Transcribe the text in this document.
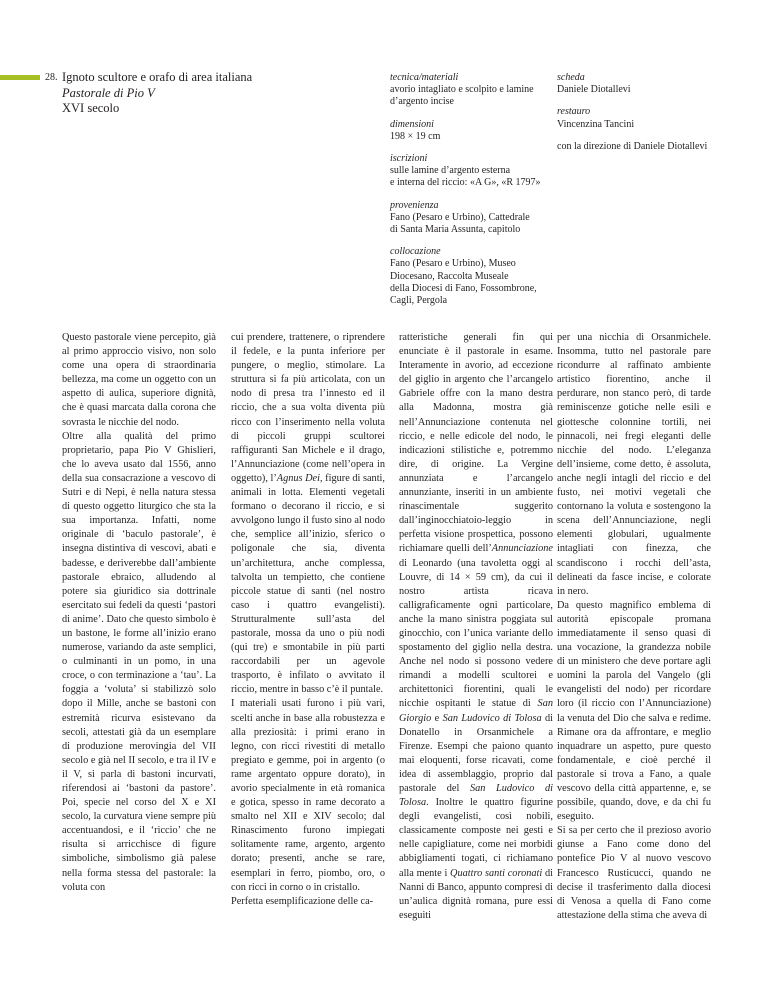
28. Ignoto scultore e orafo di area italiana
Pastorale di Pio V
XVI secolo
tecnica/materiali
avorio intagliato e scolpito e lamine
d’argento incise
dimensioni
198 × 19 cm
iscrizioni
sulle lamine d’argento esterna
e interna del riccio: «A G», «R 1797»
provenienza
Fano (Pesaro e Urbino), Cattedrale
di Santa Maria Assunta, capitolo
collocazione
Fano (Pesaro e Urbino), Museo
Diocesano, Raccolta Museale
della Diocesi di Fano, Fossombrone,
Cagli, Pergola
scheda
Daniele Diotallevi
restauro
Vincenzina Tancini
con la direzione di Daniele Diotallevi

Questo pastorale viene percepito, già al primo approccio visivo, non solo come una opera di straordinaria bellezza, ma come un oggetto con un aspetto di aulica, superiore dignità, che è quasi marcata dalla corona che sovrasta le nicchie del nodo.

Oltre alla qualità del primo proprietario, papa Pio V Ghislieri, che lo aveva usato dal 1556, anno della sua consacrazione a vescovo di Sutri e di Nepi, è nella natura stessa di questo oggetto liturgico che sta la sua importanza. Infatti, nome originale di ‘baculo pastorale’, è insegna distintiva di vescovi, abati e badesse, e deriverebbe dall’ambiente pastorale ebraico, alludendo al potere sia giuridico sia dottrinale esercitato sui fedeli da questi ‘pastori di anime’. Dato che questo simbolo è un bastone, le forme all’inizio erano numerose, variando da aste semplici, o culminanti in un pomo, in una croce, o con terminazione a ‘tau’. La foggia a ‘voluta’ si stabilizzò solo dopo il Mille, anche se bastoni con estremità ricurva esistevano da secoli, attestati già da un esemplare di produzione merovingia del VII secolo e già nel II secolo, e tra il IV e il V, si parla di bastoni incurvati, riferendosi ai ‘bastoni da pastore’. Poi, specie nel corso del X e XI secolo, la curvatura viene sempre più accentuandosi, e il ‘riccio’ che ne risulta si arricchisce di figure simboliche, simbolismo già palese nella forma stessa del pastorale: la voluta con

cui prendere, trattenere, o riprendere il fedele, e la punta inferiore per pungere, o meglio, stimolare. La struttura si fa più articolata, con un nodo di presa tra l’innesto ed il riccio, che a sua volta diventa più ricco con l’inserimento nella voluta di piccoli gruppi scultorei raffiguranti San Michele e il drago, l’Annunciazione (come nell’opera in oggetto), l’Agnus Dei, figure di santi, animali in lotta. Elementi vegetali formano o decorano il riccio, e si avvolgono lungo il fusto sino al nodo che, semplice all’inizio, sferico o poligonale che sia, diventa un’architettura, anche complessa, talvolta un tempietto, che contiene piccole statue di santi (nel nostro caso i quattro evangelisti). Strutturalmente sull’asta del pastorale, mossa da uno o più nodi (qui tre) e smontabile in più parti raccordabili per un agevole trasporto, è infilato o avvitato il riccio, mentre in basso c’è il puntale.

I materiali usati furono i più vari, scelti anche in base alla robustezza e alla preziosità: i primi erano in legno, con ricci rivestiti di metallo pregiato e gemme, poi in argento (o rame argentato oppure dorato), in avorio specialmente in età romanica e gotica, spesso in rame decorato a smalto nel XII e XIV secolo; dal Rinascimento furono impiegati solitamente rame, argento, argento dorato; presenti, anche se rare, esemplari in ferro, piombo, oro, o con ricci in corno o in cristallo.

Perfetta esemplificazione delle ca-

ratteristiche generali fin qui enunciate è il pastorale in esame. Interamente in avorio, ad eccezione del giglio in argento che l’arcangelo Gabriele offre con la mano destra alla Madonna, mostra già nell’Annunciazione contenuta nel riccio, e nelle edicole del nodo, le indicazioni stilistiche e, potremmo dire, di origine. La Vergine annunziata e l’arcangelo annunziante, inseriti in un ambiente rinascimentale suggerito dall’inginocchiatoio-leggio in perfetta visione prospettica, possono richiamare quelli dell’Annunciazione di Leonardo (una tavoletta oggi al Louvre, di 14 × 59 cm), da cui il nostro artista ricava calligraficamente ogni particolare, anche la mano sinistra poggiata sul ginocchio, con l’unica variante dello spostamento del giglio nella destra. Anche nel nodo si possono vedere rimandi a modelli scultorei e architettonici fiorentini, quali le nicchie ospitanti le statue di San Giorgio e San Ludovico di Tolosa di Donatello in Orsanmichele a Firenze. Esempi che paiono quanto mai eloquenti, forse ricavati, come idea di assemblaggio, proprio dal pastorale del San Ludovico di Tolosa. Inoltre le quattro figurine degli evangelisti, così nobili, classicamente composte nei gesti e nelle capigliature, come nei morbidi abbigliamenti togati, ci richiamano alla mente i Quattro santi coronati di Nanni di Banco, appunto compresi di un’aulica dignità romana, pure essi eseguiti

per una nicchia di Orsanmichele. Insomma, tutto nel pastorale pare ricondurre al raffinato ambiente artistico fiorentino, anche il perdurare, non stanco però, di tarde reminiscenze gotiche nelle esili e giottesche colonnine tortili, nei pinnacoli, nei fregi eleganti delle nicchie del nodo. L’eleganza dell’insieme, come detto, è assoluta, anche negli intagli del riccio e del fusto, nei motivi vegetali che contornano la voluta e sostengono la scena dell’Annunciazione, negli elementi globulari, ugualmente intagliati con finezza, che scandiscono i rocchi dell’asta, delineati da fasce incise, e colorate in nero.

Da questo magnifico emblema di autorità episcopale promana immediatamente il senso quasi di una vocazione, la grandezza nobile di un ministero che deve portare agli uomini la parola del Vangelo (gli evangelisti del nodo) per ricordare loro (il riccio con l’Annunciazione) la venuta del Dio che salva e redime. Rimane ora da affrontare, e meglio inquadrare un aspetto, pure questo fondamentale, e cioè perché il pastorale si trova a Fano, a quale vescovo della città appartenne, e, se possibile, quando, dove, e da chi fu eseguito.

Si sa per certo che il prezioso avorio giunse a Fano come dono del pontefice Pio V al nuovo vescovo Francesco Rusticucci, quando ne decise il trasferimento dalla diocesi di Venosa a quella di Fano come attestazione della stima che aveva di
